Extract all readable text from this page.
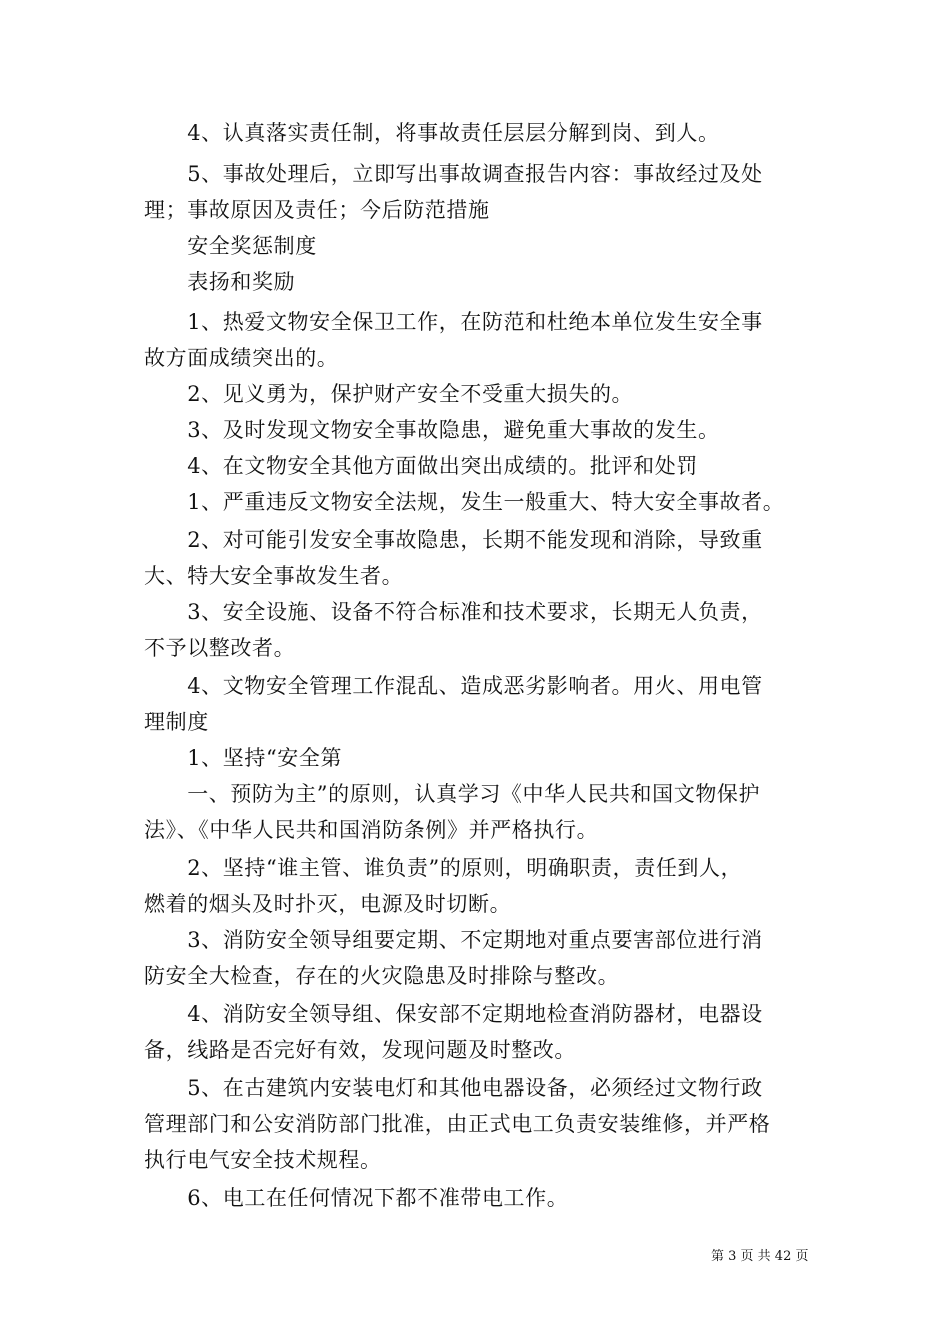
　　4、认真落实责任制，将事故责任层层分解到岗、到人。
　　5、事故处理后，立即写出事故调查报告内容：事故经过及处
理；事故原因及责任；今后防范措施
　　安全奖惩制度
　　表扬和奖励
　　1、热爱文物安全保卫工作，在防范和杜绝本单位发生安全事
故方面成绩突出的。
　　2、见义勇为，保护财产安全不受重大损失的。
　　3、及时发现文物安全事故隐患，避免重大事故的发生。
　　4、在文物安全其他方面做出突出成绩的。批评和处罚
　　1、严重违反文物安全法规，发生一般重大、特大安全事故者。
　　2、对可能引发安全事故隐患，长期不能发现和消除，导致重
大、特大安全事故发生者。
　　3、安全设施、设备不符合标准和技术要求，长期无人负责，
不予以整改者。
　　4、文物安全管理工作混乱、造成恶劣影响者。用火、用电管
理制度
　　1、坚持“安全第
　　一、预防为主”的原则，认真学习《中华人民共和国文物保护
法》、《中华人民共和国消防条例》并严格执行。
　　2、坚持“谁主管、谁负责”的原则，明确职责，责任到人，
燃着的烟头及时扑灭，电源及时切断。
　　3、消防安全领导组要定期、不定期地对重点要害部位进行消
防安全大检查，存在的火灾隐患及时排除与整改。
　　4、消防安全领导组、保安部不定期地检查消防器材，电器设
备，线路是否完好有效，发现问题及时整改。
　　5、在古建筑内安装电灯和其他电器设备，必须经过文物行政
管理部门和公安消防部门批准，由正式电工负责安装维修，并严格
执行电气安全技术规程。
　　6、电工在任何情况下都不准带电工作。
第 3 页 共 42 页
